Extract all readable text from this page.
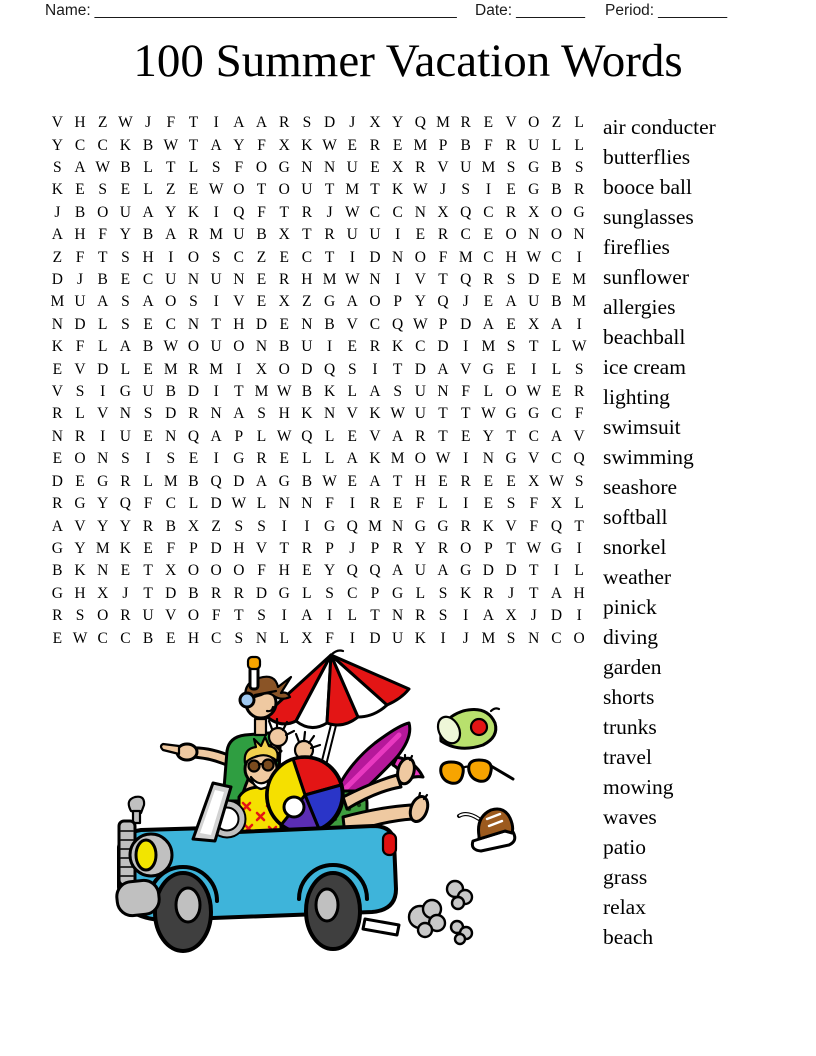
Name: __________________________________________ Date: ________ Period: ________
100 Summer Vacation Words
V H Z W J F T I A A R S D J X Y Q M R E V O Z L
Y C C K B W T A Y F X K W E R E M P B F R U L L
S A W B L T L S F O G N N U E X R V U M S G B S
K E S E L Z E W O T O U T M T K W J S	I E G B R
J B O U A Y K I Q F T R J W C C N X Q C R X O G
A H F Y B A R M U B X T R U U I E R C E O N O N
Z F T S H I O S C Z E C T I D N O F M C H W C I
D J B E C U N U N E R H M W N I V T Q R S D E M
M U A S A O S	I V E X Z G A O P Y Q J E A U B M
N D L S E C N T H D E N B V C Q W P D A E X A I
K F L A B W O U O N B U I E R K C D I M S T L W
E V D L E M R M I X O D Q S	I T D A V G E I L S
V S	I G U B D I T M W B K L A S U N F L O W E R
R L V N S D R N A S H K N V K W U T T W G G C F
N R I U E N Q A P L W Q L E V A R T E Y T C A V
E O N S	I	S E I G R E L L A K M O W I N G V C Q
D E G R L M B Q D A G B W E A T H E R E E X W S
R G Y Q F C L D W L N N F	I R E F L I E S F X L
A V Y Y R B X Z S S	I	I G Q M N G G R K V F Q T
G Y M K E F P D H V T R P J P R Y R O P T W G I
B K N E T X O O O F H E Y Q Q A U A G D D T I L
G H X J T D B R R D G L S C P G L S K R J T A H
R S O R U V O F T S	I A I L T N R S	I A X J D I
E W C C B E H C S N L X F	I D U K I	J M S N C O
air conducter
butterflies
booce ball
sunglasses
fireflies
sunflower
allergies
beachball
ice cream
lighting
swimsuit
swimming
seashore
softball
snorkel
weather
pinick
diving
garden
shorts
trunks
travel
mowing
waves
patio
grass
relax
beach
